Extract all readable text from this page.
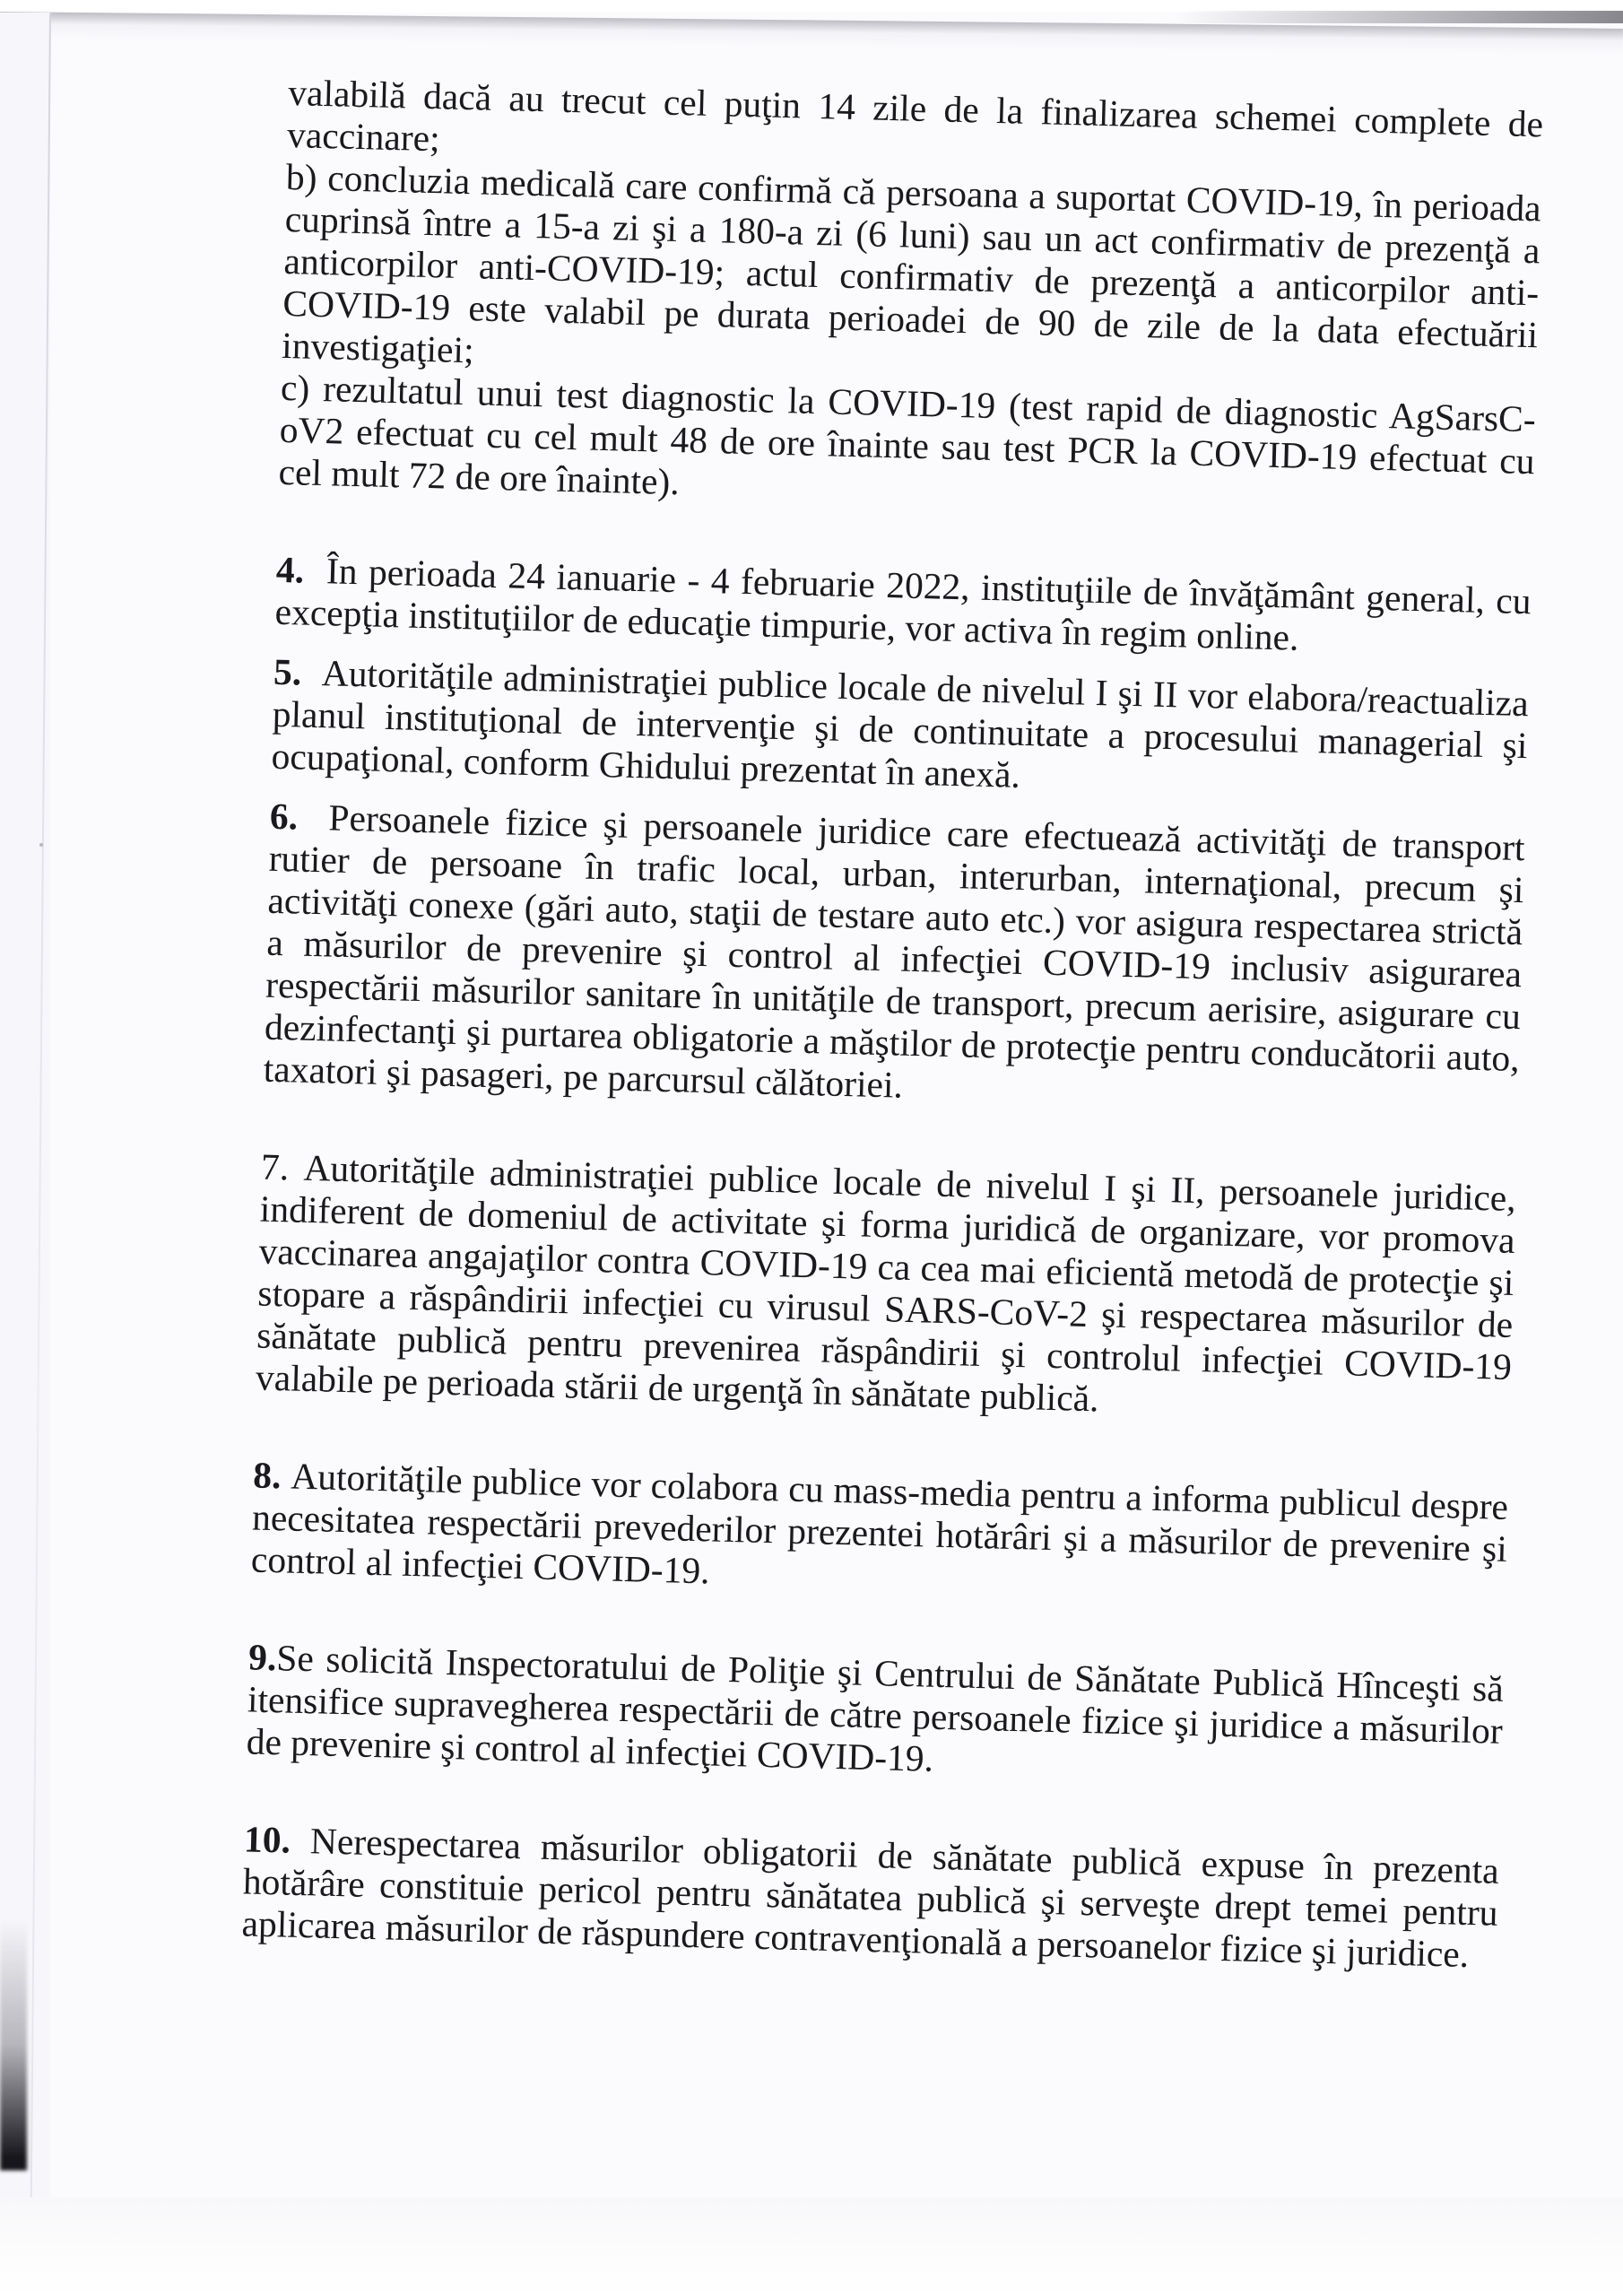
valabilă dacă au trecut cel puţin 14 zile de la finalizarea schemei complete de vaccinare;

b) concluzia medicală care confirmă că persoana a suportat COVID-19, în perioada cuprinsă între a 15-a zi şi a 180-a zi (6 luni) sau un act confirmativ de prezenţă a anticorpilor anti-COVID-19; actul confirmativ de prezenţă a anticorpilor anti-COVID-19 este valabil pe durata perioadei de 90 de zile de la data efectuării investigaţiei;

c) rezultatul unui test diagnostic la COVID-19 (test rapid de diagnostic AgSarsC-oV2 efectuat cu cel mult 48 de ore înainte sau test PCR la COVID-19 efectuat cu cel mult 72 de ore înainte).

4. În perioada 24 ianuarie - 4 februarie 2022, instituţiile de învăţământ general, cu excepţia instituţiilor de educaţie timpurie, vor activa în regim online.

5. Autorităţile administraţiei publice locale de nivelul I şi II vor elabora/reactualiza planul instituţional de intervenţie şi de continuitate a procesului managerial şi ocupaţional, conform Ghidului prezentat în anexă.

6. Persoanele fizice şi persoanele juridice care efectuează activităţi de transport rutier de persoane în trafic local, urban, interurban, internaţional, precum şi activităţi conexe (gări auto, staţii de testare auto etc.) vor asigura respectarea strictă a măsurilor de prevenire şi control al infecţiei COVID-19 inclusiv asigurarea respectării măsurilor sanitare în unităţile de transport, precum aerisire, asigurare cu dezinfectanţi şi purtarea obligatorie a măştilor de protecţie pentru conducătorii auto, taxatori şi pasageri, pe parcursul călătoriei.

7. Autorităţile administraţiei publice locale de nivelul I şi II, persoanele juridice, indiferent de domeniul de activitate şi forma juridică de organizare, vor promova vaccinarea angajaţilor contra COVID-19 ca cea mai eficientă metodă de protecţie şi stopare a răspândirii infecţiei cu virusul SARS-CoV-2 şi respectarea măsurilor de sănătate publică pentru prevenirea răspândirii şi controlul infecţiei COVID-19 valabile pe perioada stării de urgenţă în sănătate publică.

8. Autorităţile publice vor colabora cu mass-media pentru a informa publicul despre necesitatea respectării prevederilor prezentei hotărâri şi a măsurilor de prevenire şi control al infecţiei COVID-19.

9.Se solicită Inspectoratului de Poliţie şi Centrului de Sănătate Publică Hînceşti să itensifice supravegherea respectării de către persoanele fizice şi juridice a măsurilor de prevenire şi control al infecţiei COVID-19.

10. Nerespectarea măsurilor obligatorii de sănătate publică expuse în prezenta hotărâre constituie pericol pentru sănătatea publică şi serveşte drept temei pentru aplicarea măsurilor de răspundere contravenţională a persoanelor fizice şi juridice.
